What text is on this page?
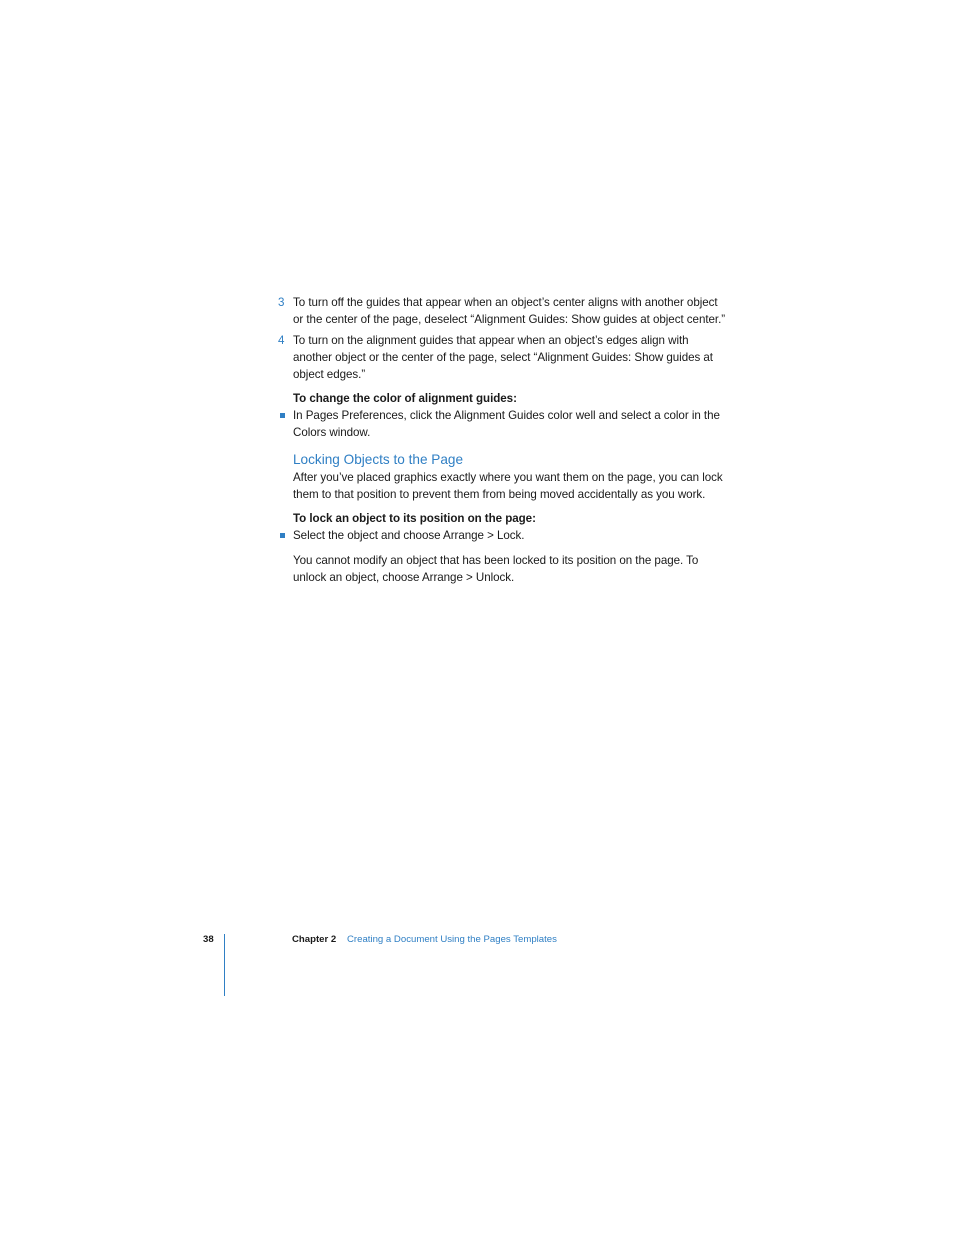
3 To turn off the guides that appear when an object’s center aligns with another object
or the center of the page, deselect “Alignment Guides: Show guides at object center.”
4 To turn on the alignment guides that appear when an object’s edges align with
another object or the center of the page, select “Alignment Guides: Show guides at
object edges.”
To change the color of alignment guides:
In Pages Preferences, click the Alignment Guides color well and select a color in the
Colors window.
Locking Objects to the Page
After you’ve placed graphics exactly where you want them on the page, you can lock
them to that position to prevent them from being moved accidentally as you work.
To lock an object to its position on the page:
Select the object and choose Arrange > Lock.
You cannot modify an object that has been locked to its position on the page. To
unlock an object, choose Arrange > Unlock.
38	Chapter 2 Creating a Document Using the Pages Templates
